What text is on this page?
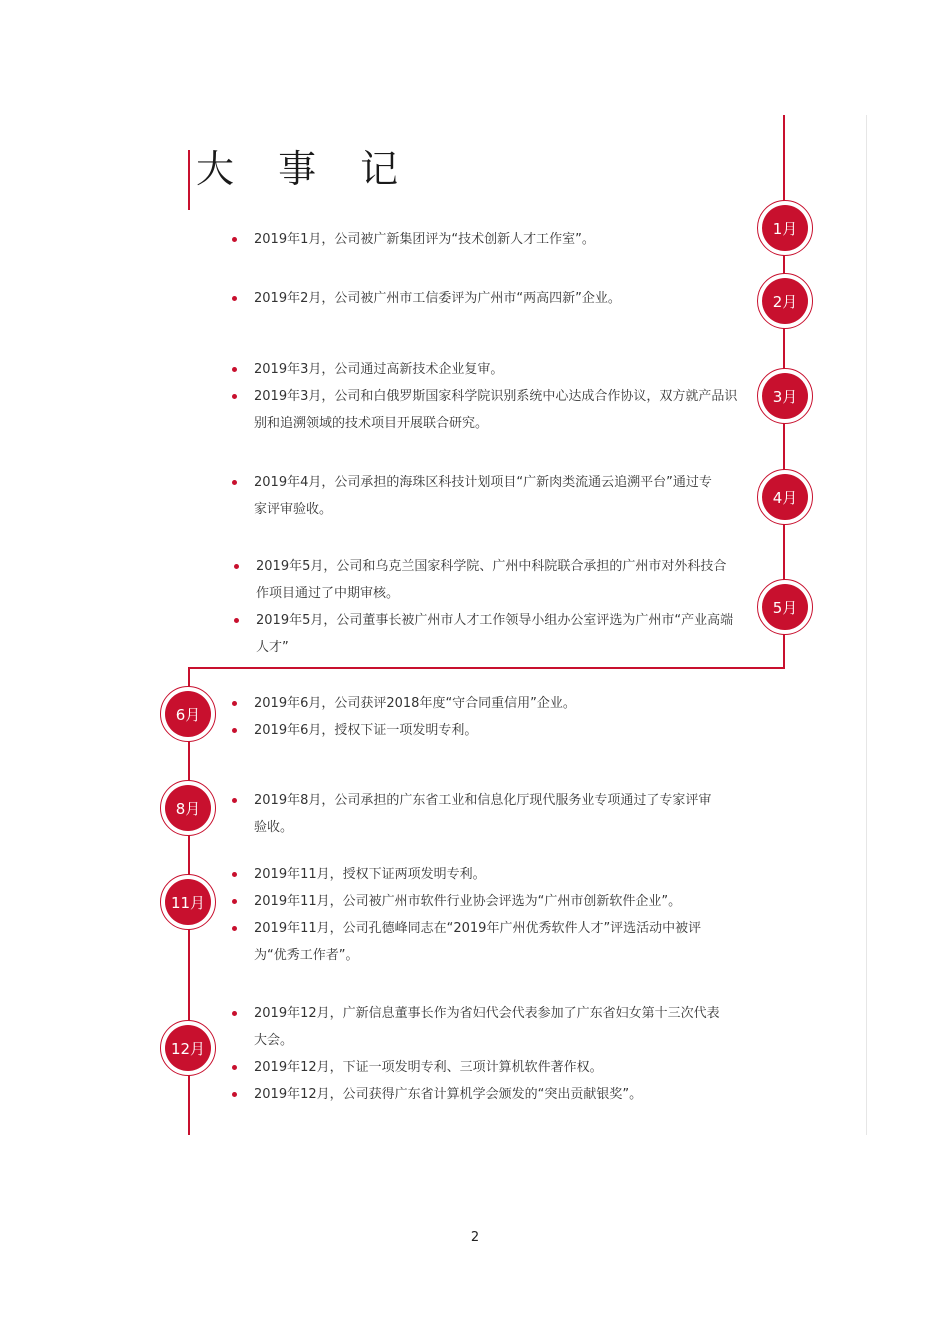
大 事 记
1月
2月
3月
4月
5月
6月
8月
11月
12月
2019年1月，公司被广新集团评为“技术创新人才工作室”。
2019年2月，公司被广州市工信委评为广州市“两高四新”企业。
2019年3月，公司通过高新技术企业复审。
2019年3月，公司和白俄罗斯国家科学院识别系统中心达成合作协议，双方就产品识别和追溯领域的技术项目开展联合研究。
2019年4月，公司承担的海珠区科技计划项目“广新肉类流通云追溯平台”通过专家评审验收。
2019年5月，公司和乌克兰国家科学院、广州中科院联合承担的广州市对外科技合作项目通过了中期审核。
2019年5月，公司董事长被广州市人才工作领导小组办公室评选为广州市“产业高端人才”
2019年6月，公司获评2018年度“守合同重信用”企业。
2019年6月，授权下证一项发明专利。
2019年8月，公司承担的广东省工业和信息化厅现代服务业专项通过了专家评审验收。
2019年11月，授权下证两项发明专利。
2019年11月，公司被广州市软件行业协会评选为“广州市创新软件企业”。
2019年11月，公司孔德峰同志在“2019年广州优秀软件人才”评选活动中被评为“优秀工作者”。
2019年12月，广新信息董事长作为省妇代会代表参加了广东省妇女第十三次代表大会。
2019年12月，下证一项发明专利、三项计算机软件著作权。
2019年12月，公司获得广东省计算机学会颁发的“突出贡献银奖”。
2
